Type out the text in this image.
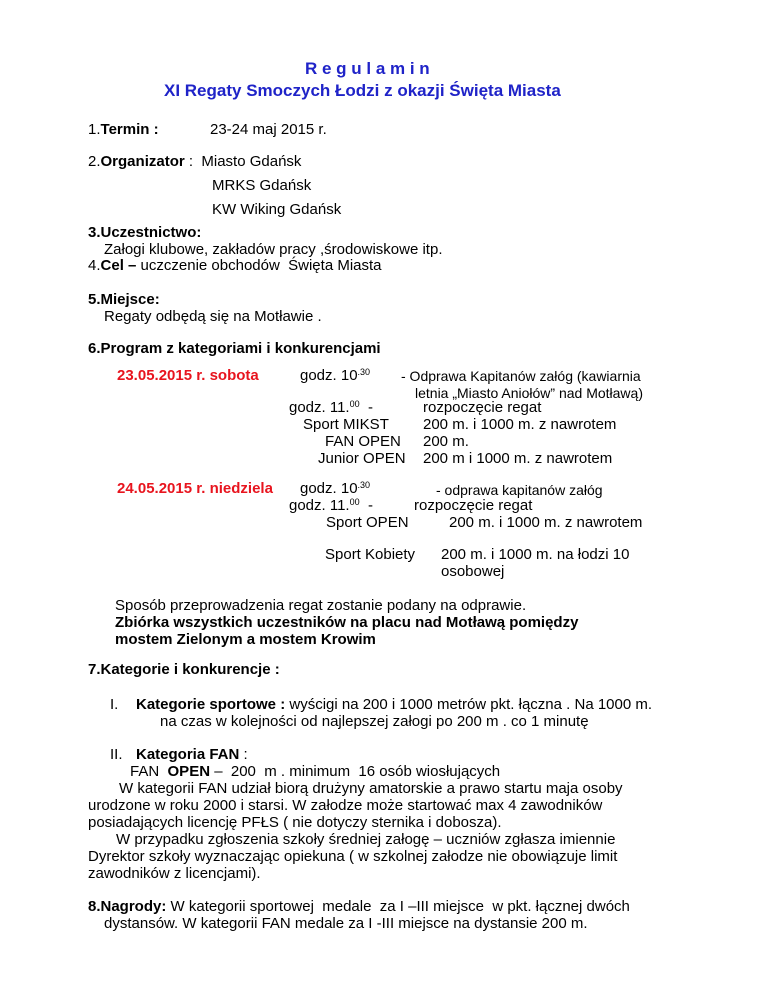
R e g u l a m i n
XI Regaty Smoczych Łodzi z okazji Święta Miasta
1.Termin :	23-24 maj 2015 r.
2.Organizator :  Miasto Gdańsk
MRKS Gdańsk
KW Wiking Gdańsk
3.Uczestnictwo:
Załogi klubowe, zakładów pracy ,środowiskowe itp.
4.Cel – uczczenie obchodów  Święta Miasta
5.Miejsce:
Regaty odbędą się na Motławie .
6.Program z kategoriami i konkurencjami
23.05.2015 r. sobota	godz. $10^{.30}$ - Odprawa Kapitanów załóg (kawiarnia
letnia „Miasto Aniołów” nad Motławą)
godz. 11.00  -	rozpoczęcie regat
Sport MIKST 200 m. i 1000 m. z nawrotem
FAN OPEN 200 m.
Junior OPEN 200 m i 1000 m. z nawrotem
24.05.2015 r. niedziela godz. $10^{.30}$	- odprawa kapitanów załóg
godz. 11.00  -	rozpoczęcie regat
Sport OPEN	200 m. i 1000 m. z nawrotem
Sport Kobiety 200 m. i 1000 m. na łodzi 10
osobowej
Sposób przeprowadzenia regat zostanie podany na odprawie.
Zbiórka wszystkich uczestników na placu nad Motławą pomiędzy
mostem Zielonym a mostem Krowim
7.Kategorie i konkurencje :
I. Kategorie sportowe : wyścigi na 200 i 1000 metrów pkt. łączna . Na 1000 m.
na czas w kolejności od najlepszej załogi po 200 m . co 1 minutę
II. Kategoria FAN :
FAN  OPEN –  200  m . minimum  16 osób wiosłujących
W kategorii FAN udział biorą drużyny amatorskie a prawo startu maja osoby
urodzone w roku 2000 i starsi. W załodze może startować max 4 zawodników
posiadających licencję PFŁS ( nie dotyczy sternika i dobosza).
W przypadku zgłoszenia szkoły średniej załogę – uczniów zgłasza imiennie
Dyrektor szkoły wyznaczając opiekuna ( w szkolnej załodze nie obowiązuje limit
zawodników z licencjami).
8.Nagrody: W kategorii sportowej  medale  za I –III miejsce  w pkt. łącznej dwóch
dystansów. W kategorii FAN medale za I -III miejsce na dystansie 200 m.
